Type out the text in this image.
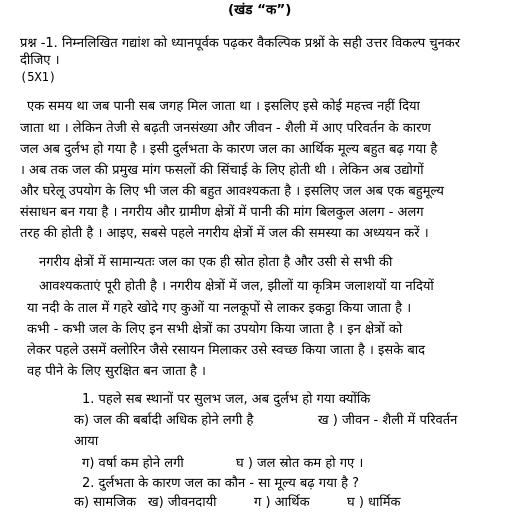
(खंड “क”)
प्रश्न -1. निम्नलिखित गद्यांश को ध्यानपूर्वक पढ़कर वैकल्पिक प्रश्नों के सही उत्तर विकल्प चुनकर
दीजिए ।
(5X1)
एक समय था जब पानी सब जगह मिल जाता था । इसलिए इसे कोई महत्त्व नहीं दिया
जाता था । लेकिन तेजी से बढ़ती जनसंख्या और जीवन - शैली में आए परिवर्तन के कारण
जल अब दुर्लभ हो गया है । इसी दुर्लभता के कारण जल का आर्थिक मूल्य बहुत बढ़ गया है
। अब तक जल की प्रमुख मांग फसलों की सिंचाई के लिए होती थी । लेकिन अब उद्योगों
और घरेलू उपयोग के लिए भी जल की बहुत आवश्यकता है । इसलिए जल अब एक बहुमूल्य
संसाधन बन गया है । नगरीय और ग्रामीण क्षेत्रों में पानी की मांग बिलकुल अलग - अलग
तरह की होती है । आइए, सबसे पहले नगरीय क्षेत्रों में जल की समस्या का अध्ययन करें ।
नगरीय क्षेत्रों में सामान्यतः जल का एक ही स्रोत होता है और उसी से सभी की
आवश्यकताएं पूरी होती है । नगरीय क्षेत्रों में जल, झीलों या कृत्रिम जलाशयों या नदियों
या नदी के ताल में गहरे खोदे गए कुओं या नलकूपों से लाकर इकट्ठा किया जाता है ।
कभी - कभी जल के लिए इन सभी क्षेत्रों का उपयोग किया जाता है । इन क्षेत्रों को
लेकर पहले उसमें क्लोरिन जैसे रसायन मिलाकर उसे स्वच्छ किया जाता है । इसके बाद
वह पीने के लिए सुरक्षित बन जाता है ।
1. पहले सब स्थानों पर सुलभ जल, अब दुर्लभ हो गया क्योंकि
क) जल की बर्बादी अधिक होने लगी है	ख ) जीवन - शैली में परिवर्तन
आया
ग) वर्षा कम होने लगी	घ ) जल स्रोत कम हो गए ।
2. दुर्लभता के कारण जल का कौन - सा मूल्य बढ़ गया है ?
क) सामजिक ख) जीवनदायी	ग ) आर्थिक	घ ) धार्मिक
